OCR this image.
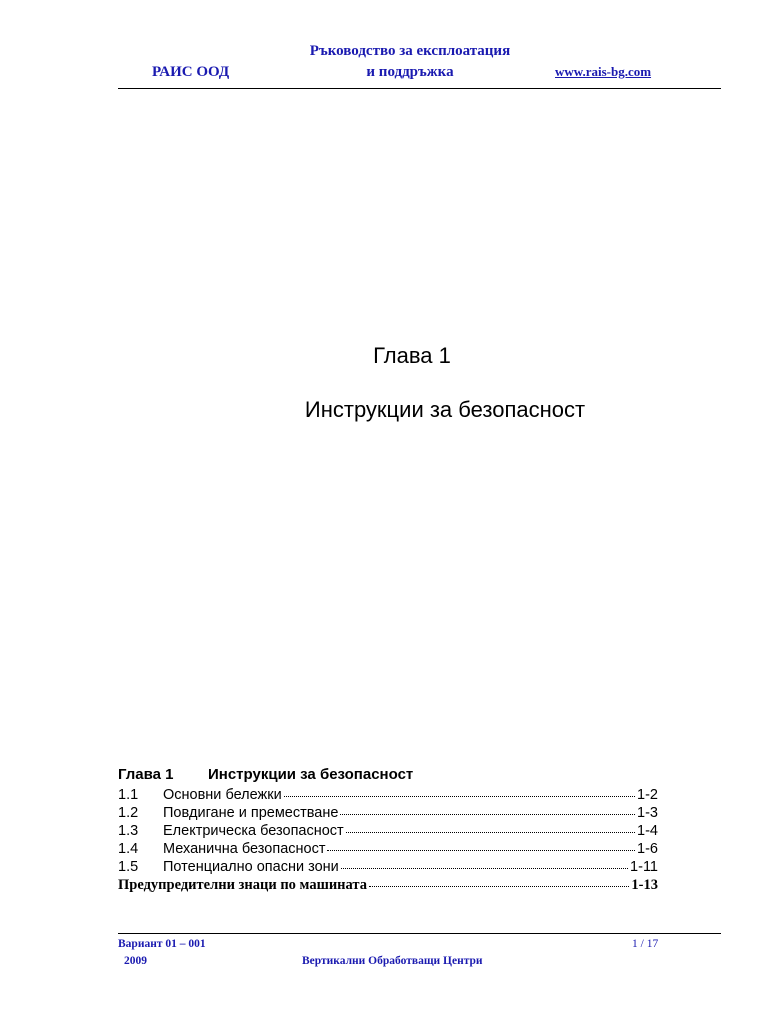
Ръководство за експлоатация
и поддръжка
РАИС ООД	www.rais-bg.com
Глава 1
Инструкции за безопасност
Глава 1	Инструкции за безопасност
1.1	Основни бележки	1-2
1.2	Повдигане и преместване	1-3
1.3	Електрическа безопасност	1-4
1.4	Механична безопасност	1-6
1.5	Потенциално опасни зони	1-11
Предупредителни знаци по машината	1-13
Вариант 01 – 001	1 / 17
2009	Вертикални Обработващи Центри
